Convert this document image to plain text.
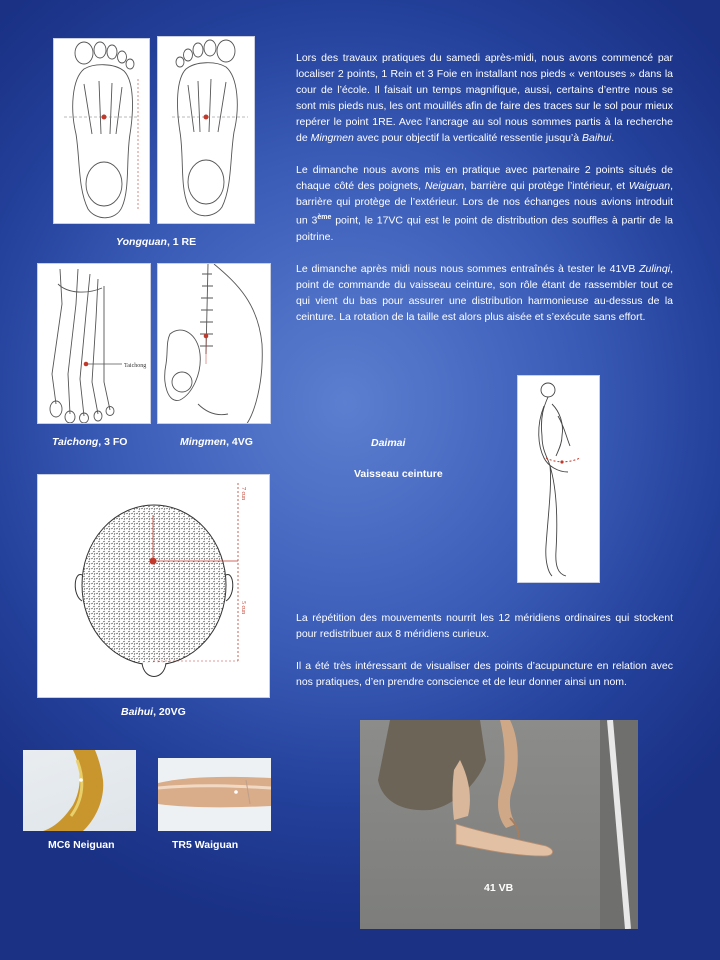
Yongquan, 1 RE
Taichong
Taichong, 3 FO	Mingmen, 4VG
7 cun
5 cun
Baihui, 20VG
MC6 Neiguan	TR5 Waiguan

Lors des travaux pratiques du samedi après-midi, nous avons commencé par localiser 2 points, 1 Rein et 3 Foie en installant nos pieds « ventouses » dans la cour de l’école. Il faisait un temps magnifique, aussi, certains d’entre nous se sont mis pieds nus, les ont mouillés afin de faire des traces sur le sol pour mieux repérer le point 1RE. Avec l’ancrage au sol nous sommes partis à la recherche de Mingmen avec pour objectif la verticalité ressentie jusqu’à Baihui.

Le dimanche nous avons mis en pratique avec partenaire 2 points situés de chaque côté des poignets, Neiguan, barrière qui protège l’intérieur, et Waiguan, barrière qui protège de l’extérieur. Lors de nos échanges nous avions introduit un 3ème point, le 17VC qui est le point de distribution des souffles à partir de la poitrine.

Le dimanche après midi nous nous sommes entraînés à tester le 41VB Zulinqi, point de commande du vaisseau ceinture, son rôle étant de rassembler tout ce qui vient du bas pour assurer une distribution harmonieuse au-dessus de la ceinture. La rotation de la taille est alors plus aisée et s’exécute sans effort.

Daimai
Vaisseau ceinture

La répétition des mouvements nourrit les 12 méridiens ordinaires qui stockent pour redistribuer aux 8 méridiens curieux.

Il a été très intéressant de visualiser des points d’acupuncture en relation avec nos pratiques, d’en prendre conscience et de leur donner ainsi un nom.

41 VB
